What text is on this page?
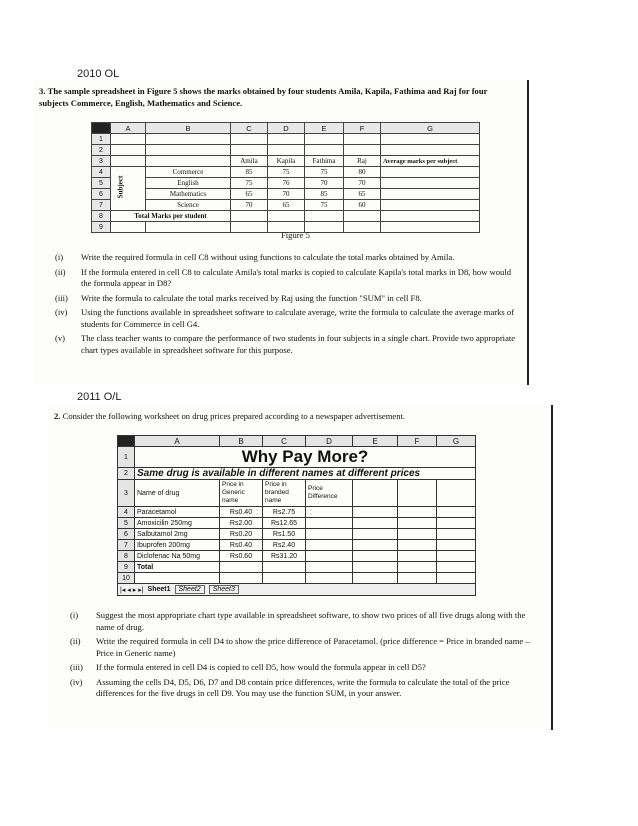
2010 OL
3. The sample spreadsheet in Figure 5 shows the marks obtained by four students Amila, Kapila, Fathima and Raj for four subjects Commerce, English, Mathematics and Science.
	A	B	C	D	E	F	G
1							
2							
3			Amila	Kapila	Fathima	Raj	Average marks per subject
4	Subject	Commerce	85	75	75	80	
5		English	75	76	70	70	
6		Mathematics	65	70	85	65	
7		Science	70	65	75	60	
8	Total Marks per student						
9							
Figure 5
(i)	Write the required formula in cell C8 without using functions to calculate the total marks obtained by Amila.
(ii)	If the formula entered in cell C8 to calculate Amila's total marks is copied to calculate Kapila's total marks in D8, how would the formula appear in D8?
(iii)	Write the formula to calculate the total marks received by Raj using the function "SUM" in cell F8.
(iv)	Using the functions available in spreadsheet software to calculate average, write the formula to calculate the average marks of students for Commerce in cell G4.
(v)	The class teacher wants to compare the performance of two students in four subjects in a single chart. Provide two appropriate chart types available in spreadsheet software for this purpose.
2011 O/L
2. Consider the following worksheet on drug prices prepared according to a newspaper advertisement.
	A	B	C	D	E	F	G
1	Why Pay More?						
2	Same drug is available in different names at different prices						
3	Name of drug	Price in Generic name	Price in branded name	Price Difference			
4	Paracetamol	Rs0.40	Rs2.75				
5	Amoxicilin 250mg	Rs2.00	Rs12.65				
6	Salbutamol 2mg	Rs0.20	Rs1.50				
7	Ibuprofen 200mg	Rs0.40	Rs2.40				
8	Diclofenac Na 50mg	Rs0.60	Rs31.20				
9	Total						
10							
|◂ ◂ ▸ ▸| Sheet1	Sheet2	Sheet3
(i)	Suggest the most appropriate chart type available in spreadsheet software, to show two prices of all five drugs along with the name of drug.
(ii)	Write the required formula in cell D4 to show the price difference of Paracetamol. (price difference = Price in branded name – Price in Generic name)
(iii)	If the formula entered in cell D4 is copied to cell D5, how would the formula appear in cell D5?
(iv)	Assuming the cells D4, D5, D6, D7 and D8 contain price differences, write the formula to calculate the total of the price differences for the five drugs in cell D9. You may use the function SUM, in your answer.
